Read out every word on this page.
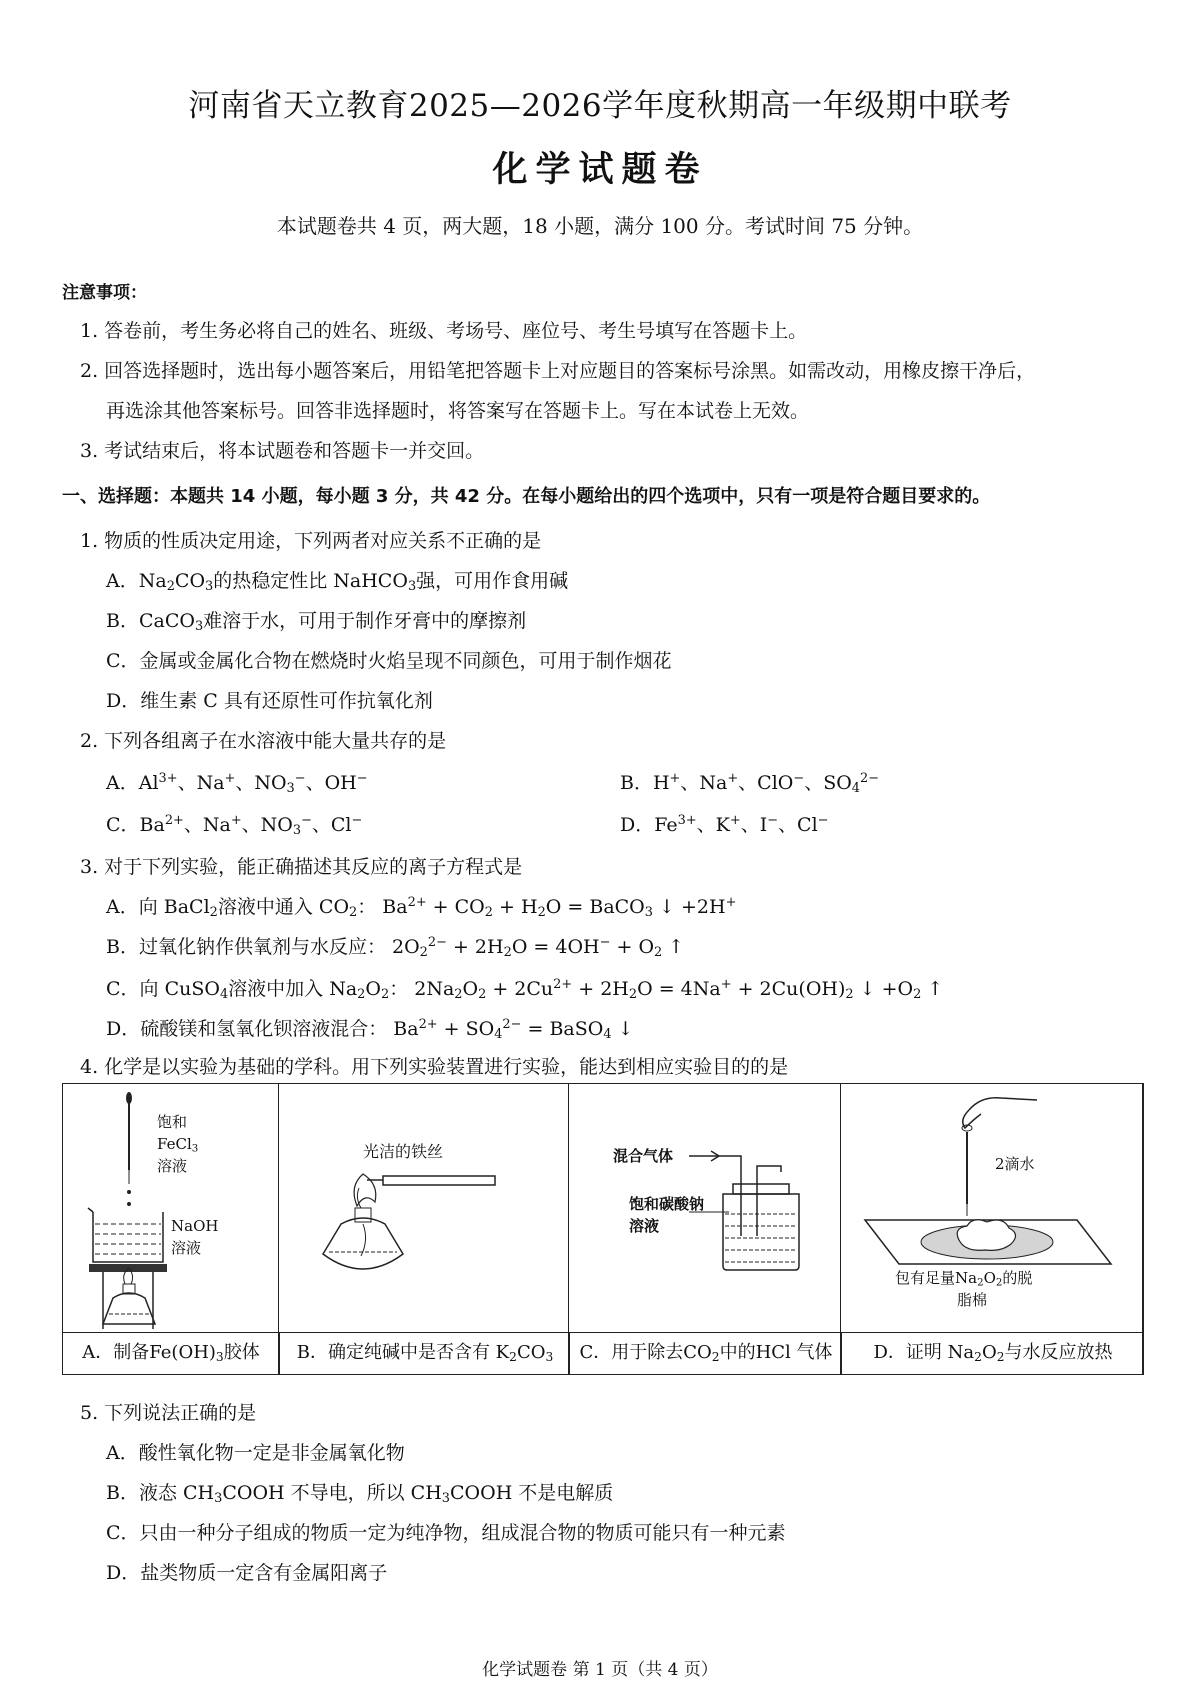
河南省天立教育2025—2026学年度秋期高一年级期中联考
化学试题卷
本试题卷共 4 页，两大题，18 小题，满分 100 分。考试时间 75 分钟。
注意事项：
1. 答卷前，考生务必将自己的姓名、班级、考场号、座位号、考生号填写在答题卡上。
2. 回答选择题时，选出每小题答案后，用铅笔把答题卡上对应题目的答案标号涂黑。如需改动，用橡皮擦干净后，
再选涂其他答案标号。回答非选择题时，将答案写在答题卡上。写在本试卷上无效。
3. 考试结束后，将本试题卷和答题卡一并交回。
一、选择题：本题共 14 小题，每小题 3 分，共 42 分。在每小题给出的四个选项中，只有一项是符合题目要求的。
1. 物质的性质决定用途，下列两者对应关系不正确的是
A．$Na_2CO_3$的热稳定性比 NaHCO$_3$强，可用作食用碱
B．CaCO$_3$难溶于水，可用于制作牙膏中的摩擦剂
C．金属或金属化合物在燃烧时火焰呈现不同颜色，可用于制作烟花
D．维生素 C 具有还原性可作抗氧化剂
2. 下列各组离子在水溶液中能大量共存的是
A．$Al^{3+}$、Na+、$NO_3^-$、OH−	B．H+、Na+、ClO−、$SO_4^{2-}$
C．$Ba^{2+}$、Na+、$NO_3^-$、Cl−	D．$Fe^{3+}$、K+、I−、Cl−
3. 对于下列实验，能正确描述其反应的离子方程式是
A．向 BaCl$_2$溶液中通入 $CO_2$： $Ba^{2+} + CO_2 + H_2O$ = BaCO$_3$ ↓ +2H+
B．过氧化钠作供氧剂与水反应： $2O_2^{2-} + 2H_2O = 4OH^- + O_2$ ↑
C．向 CuSO$_4$溶液中加入 $Na_2O_2$： $2Na_2O_2 + 2Cu^{2+} + 2H_2O = 4Na^+ + 2Cu(OH)_2$ ↓ $+O_2$ ↑
D．硫酸镁和氢氧化钡溶液混合： $Ba^{2+} + SO_4^{2-}$ = BaSO$_4$ ↓
4. 化学是以实验为基础的学科。用下列实验装置进行实验，能达到相应实验目的的是
饱和
FeCl$_3$
溶液
NaOH
溶液
光洁的铁丝	混合气体
饱和碳酸钠
溶液
2滴水
包有足量$Na_2O_2$的脱
脂棉
A．制备$Fe(OH)_3$胶体	B．确定纯碱中是否含有 $K_2CO_3$	C．用于除去$CO_2$中的HCl 气体	D．证明 $Na_2O_2$与水反应放热
5. 下列说法正确的是
A．酸性氧化物一定是非金属氧化物
B．液态 $CH_3COOH$ 不导电，所以 $CH_3COOH$ 不是电解质
C．只由一种分子组成的物质一定为纯净物，组成混合物的物质可能只有一种元素
D．盐类物质一定含有金属阳离子
化学试题卷 第 1 页（共 4 页）
